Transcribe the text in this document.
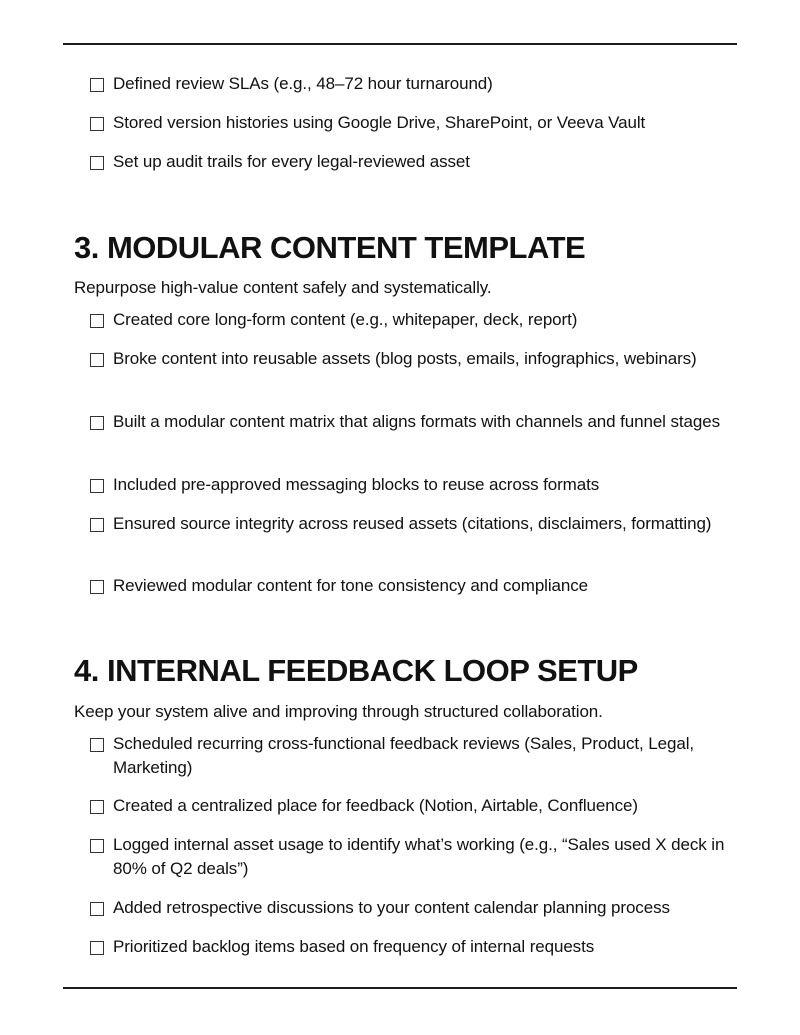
Defined review SLAs (e.g., 48–72 hour turnaround)
Stored version histories using Google Drive, SharePoint, or Veeva Vault
Set up audit trails for every legal-reviewed asset
3. MODULAR CONTENT TEMPLATE

Repurpose high-value content safely and systematically.

Created core long-form content (e.g., whitepaper, deck, report)
Broke content into reusable assets (blog posts, emails, infographics, webinars)
Built a modular content matrix that aligns formats with channels and funnel stages
Included pre-approved messaging blocks to reuse across formats
Ensured source integrity across reused assets (citations, disclaimers, formatting)
Reviewed modular content for tone consistency and compliance
4. INTERNAL FEEDBACK LOOP SETUP

Keep your system alive and improving through structured collaboration.

Scheduled recurring cross-functional feedback reviews (Sales, Product, Legal, Marketing)
Created a centralized place for feedback (Notion, Airtable, Confluence)
Logged internal asset usage to identify what’s working (e.g., “Sales used X deck in 80% of Q2 deals”)
Added retrospective discussions to your content calendar planning process
Prioritized backlog items based on frequency of internal requests
